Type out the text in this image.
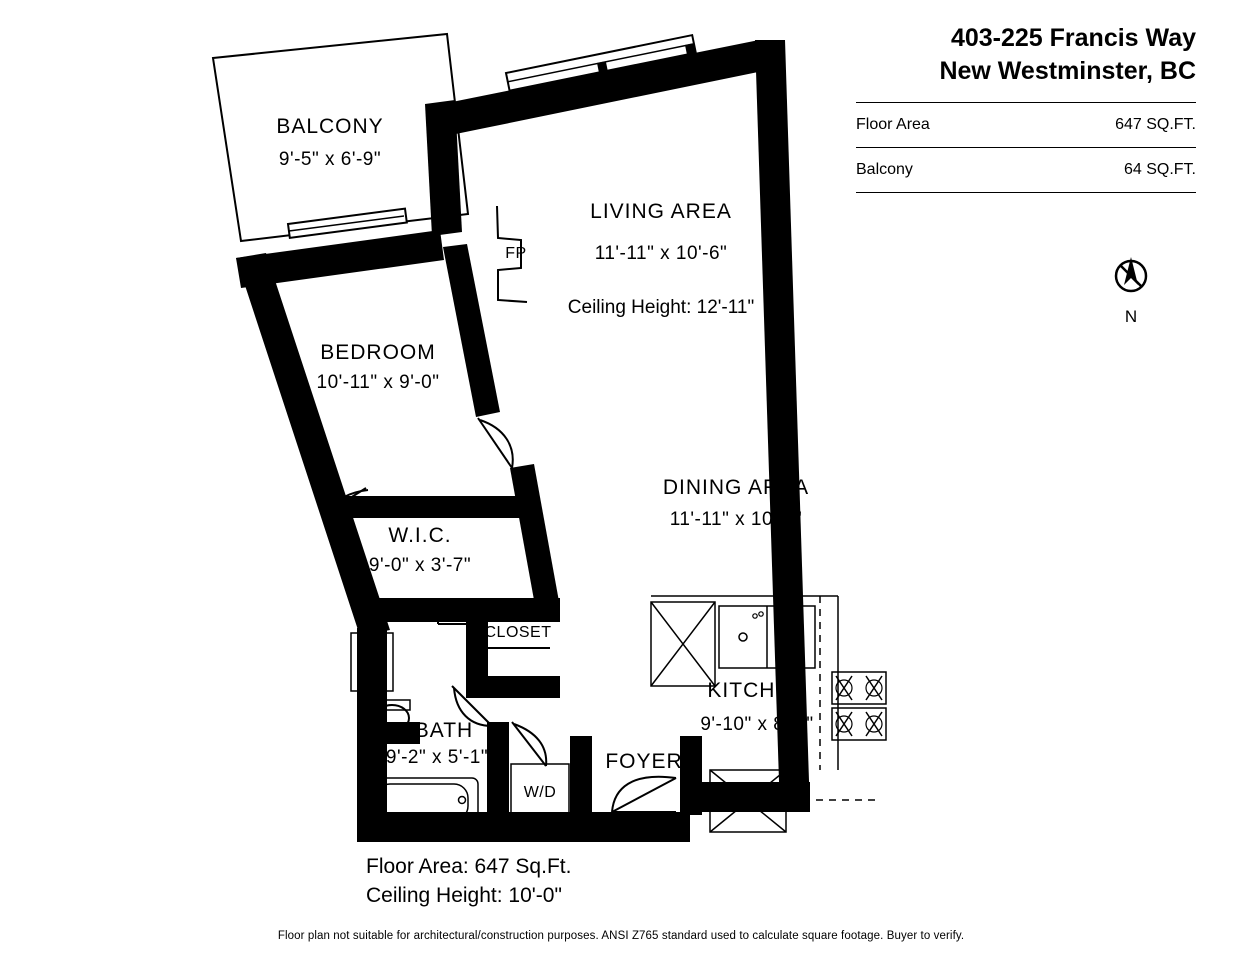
BALCONY
9'-5" x 6'-9"
LIVING AREA
11'-11" x 10'-6"
Ceiling Height: 12'-11"
BEDROOM
10'-11" x 9'-0"
W.I.C.
9'-0" x 3'-7"
DINING AREA
11'-11" x 10'-6"
KITCHEN
9'-10" x 8'-8"
BATH
9'-2" x 5'-1"
CLOSET
FOYER
W/D
FP
403-225 Francis Way
New Westminster, BC
Floor Area	647 SQ.FT.
Balcony	64 SQ.FT.
N
Floor Area: 647 Sq.Ft.
Ceiling Height: 10'-0"
Floor plan not suitable for architectural/construction purposes. ANSI Z765 standard used to calculate square footage. Buyer to verify.
